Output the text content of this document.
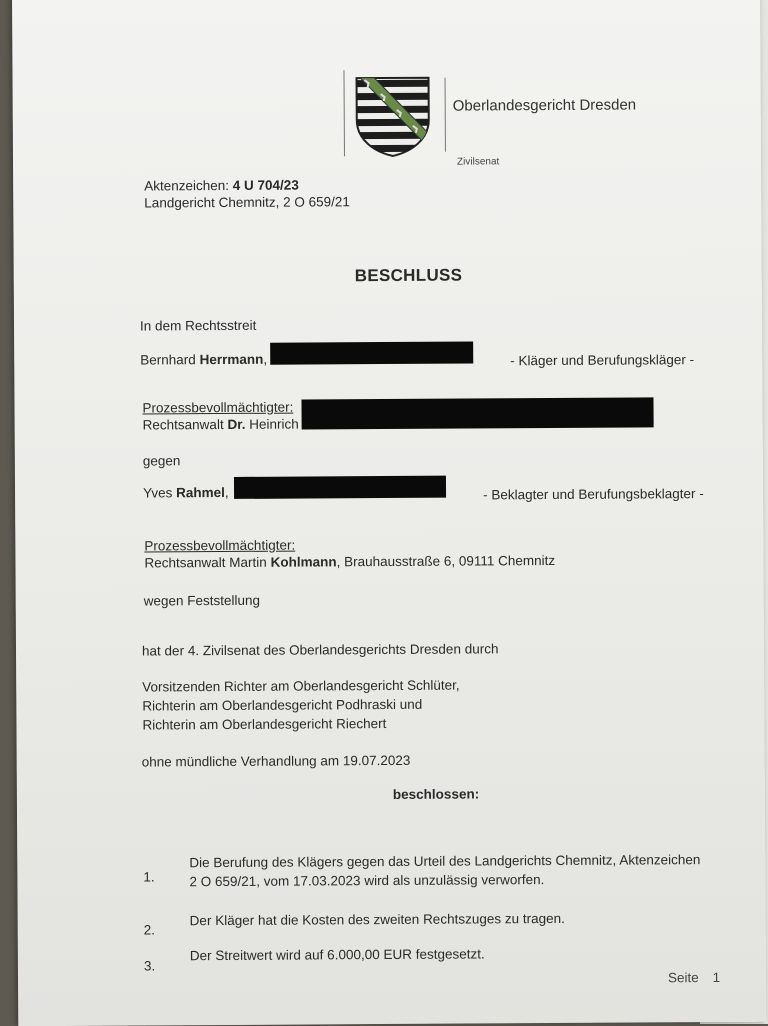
Oberlandesgericht Dresden
Zivilsenat
Aktenzeichen: 4 U 704/23
Landgericht Chemnitz, 2 O 659/21
BESCHLUSS
In dem Rechtsstreit
Bernhard Herrmann,	- Kläger und Berufungskläger -
Prozessbevollmächtigter:
Rechtsanwalt Dr. Heinrich
gegen
Yves Rahmel,	- Beklagter und Berufungsbeklagter -
Prozessbevollmächtigter:
Rechtsanwalt Martin Kohlmann, Brauhausstraße 6, 09111 Chemnitz
wegen Feststellung
hat der 4. Zivilsenat des Oberlandesgerichts Dresden durch
Vorsitzenden Richter am Oberlandesgericht Schlüter,
Richterin am Oberlandesgericht Podhraski und
Richterin am Oberlandesgericht Riechert
ohne mündliche Verhandlung am 19.07.2023
beschlossen:
1.
Die Berufung des Klägers gegen das Urteil des Landgerichts Chemnitz, Aktenzeichen
2 O 659/21, vom 17.03.2023 wird als unzulässig verworfen.
2.
Der Kläger hat die Kosten des zweiten Rechtszuges zu tragen.
3.
Der Streitwert wird auf 6.000,00 EUR festgesetzt.
Seite 1
